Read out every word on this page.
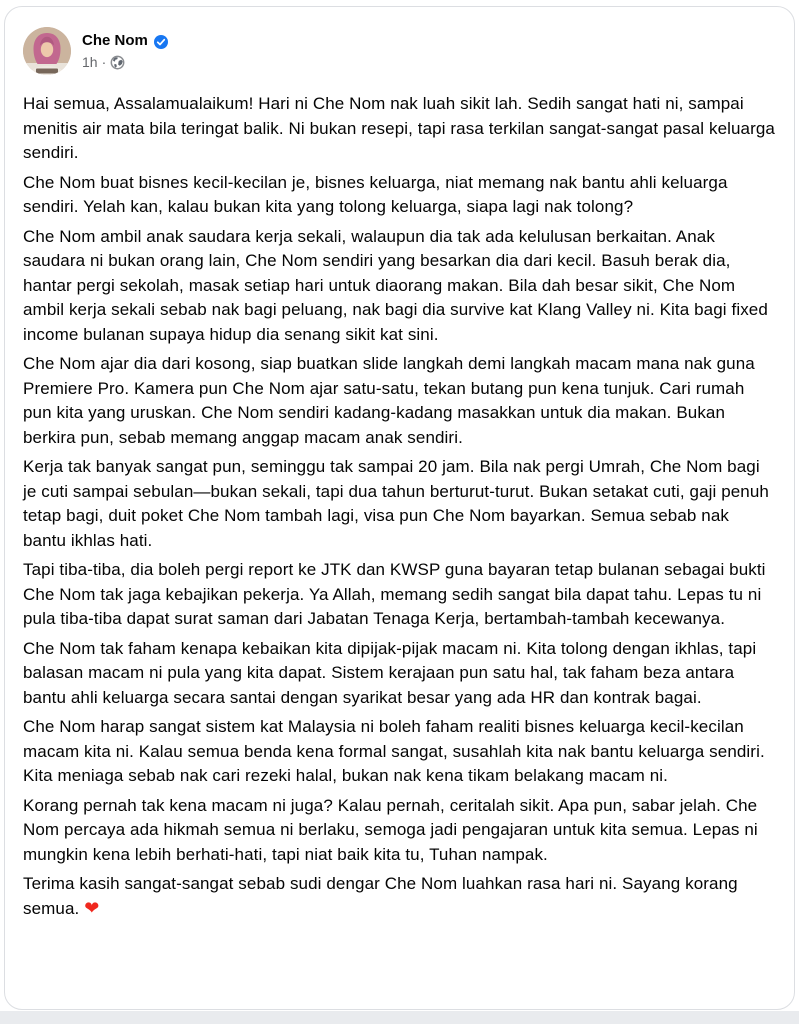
Che Nom
1h ·

Hai semua, Assalamualaikum! Hari ni Che Nom nak luah sikit lah. Sedih sangat hati ni, sampai menitis air mata bila teringat balik. Ni bukan resepi, tapi rasa terkilan sangat-sangat pasal keluarga sendiri.

Che Nom buat bisnes kecil-kecilan je, bisnes keluarga, niat memang nak bantu ahli keluarga sendiri. Yelah kan, kalau bukan kita yang tolong keluarga, siapa lagi nak tolong?

Che Nom ambil anak saudara kerja sekali, walaupun dia tak ada kelulusan berkaitan. Anak saudara ni bukan orang lain, Che Nom sendiri yang besarkan dia dari kecil. Basuh berak dia, hantar pergi sekolah, masak setiap hari untuk diaorang makan. Bila dah besar sikit, Che Nom ambil kerja sekali sebab nak bagi peluang, nak bagi dia survive kat Klang Valley ni. Kita bagi fixed income bulanan supaya hidup dia senang sikit kat sini.

Che Nom ajar dia dari kosong, siap buatkan slide langkah demi langkah macam mana nak guna Premiere Pro. Kamera pun Che Nom ajar satu-satu, tekan butang pun kena tunjuk. Cari rumah pun kita yang uruskan. Che Nom sendiri kadang-kadang masakkan untuk dia makan. Bukan berkira pun, sebab memang anggap macam anak sendiri.

Kerja tak banyak sangat pun, seminggu tak sampai 20 jam. Bila nak pergi Umrah, Che Nom bagi je cuti sampai sebulan—bukan sekali, tapi dua tahun berturut-turut. Bukan setakat cuti, gaji penuh tetap bagi, duit poket Che Nom tambah lagi, visa pun Che Nom bayarkan. Semua sebab nak bantu ikhlas hati.

Tapi tiba-tiba, dia boleh pergi report ke JTK dan KWSP guna bayaran tetap bulanan sebagai bukti Che Nom tak jaga kebajikan pekerja. Ya Allah, memang sedih sangat bila dapat tahu. Lepas tu ni pula tiba-tiba dapat surat saman dari Jabatan Tenaga Kerja, bertambah-tambah kecewanya.

Che Nom tak faham kenapa kebaikan kita dipijak-pijak macam ni. Kita tolong dengan ikhlas, tapi balasan macam ni pula yang kita dapat. Sistem kerajaan pun satu hal, tak faham beza antara bantu ahli keluarga secara santai dengan syarikat besar yang ada HR dan kontrak bagai.

Che Nom harap sangat sistem kat Malaysia ni boleh faham realiti bisnes keluarga kecil-kecilan macam kita ni. Kalau semua benda kena formal sangat, susahlah kita nak bantu keluarga sendiri. Kita meniaga sebab nak cari rezeki halal, bukan nak kena tikam belakang macam ni.

Korang pernah tak kena macam ni juga? Kalau pernah, ceritalah sikit. Apa pun, sabar jelah. Che Nom percaya ada hikmah semua ni berlaku, semoga jadi pengajaran untuk kita semua. Lepas ni mungkin kena lebih berhati-hati, tapi niat baik kita tu, Tuhan nampak.

Terima kasih sangat-sangat sebab sudi dengar Che Nom luahkan rasa hari ni. Sayang korang semua. ❤
